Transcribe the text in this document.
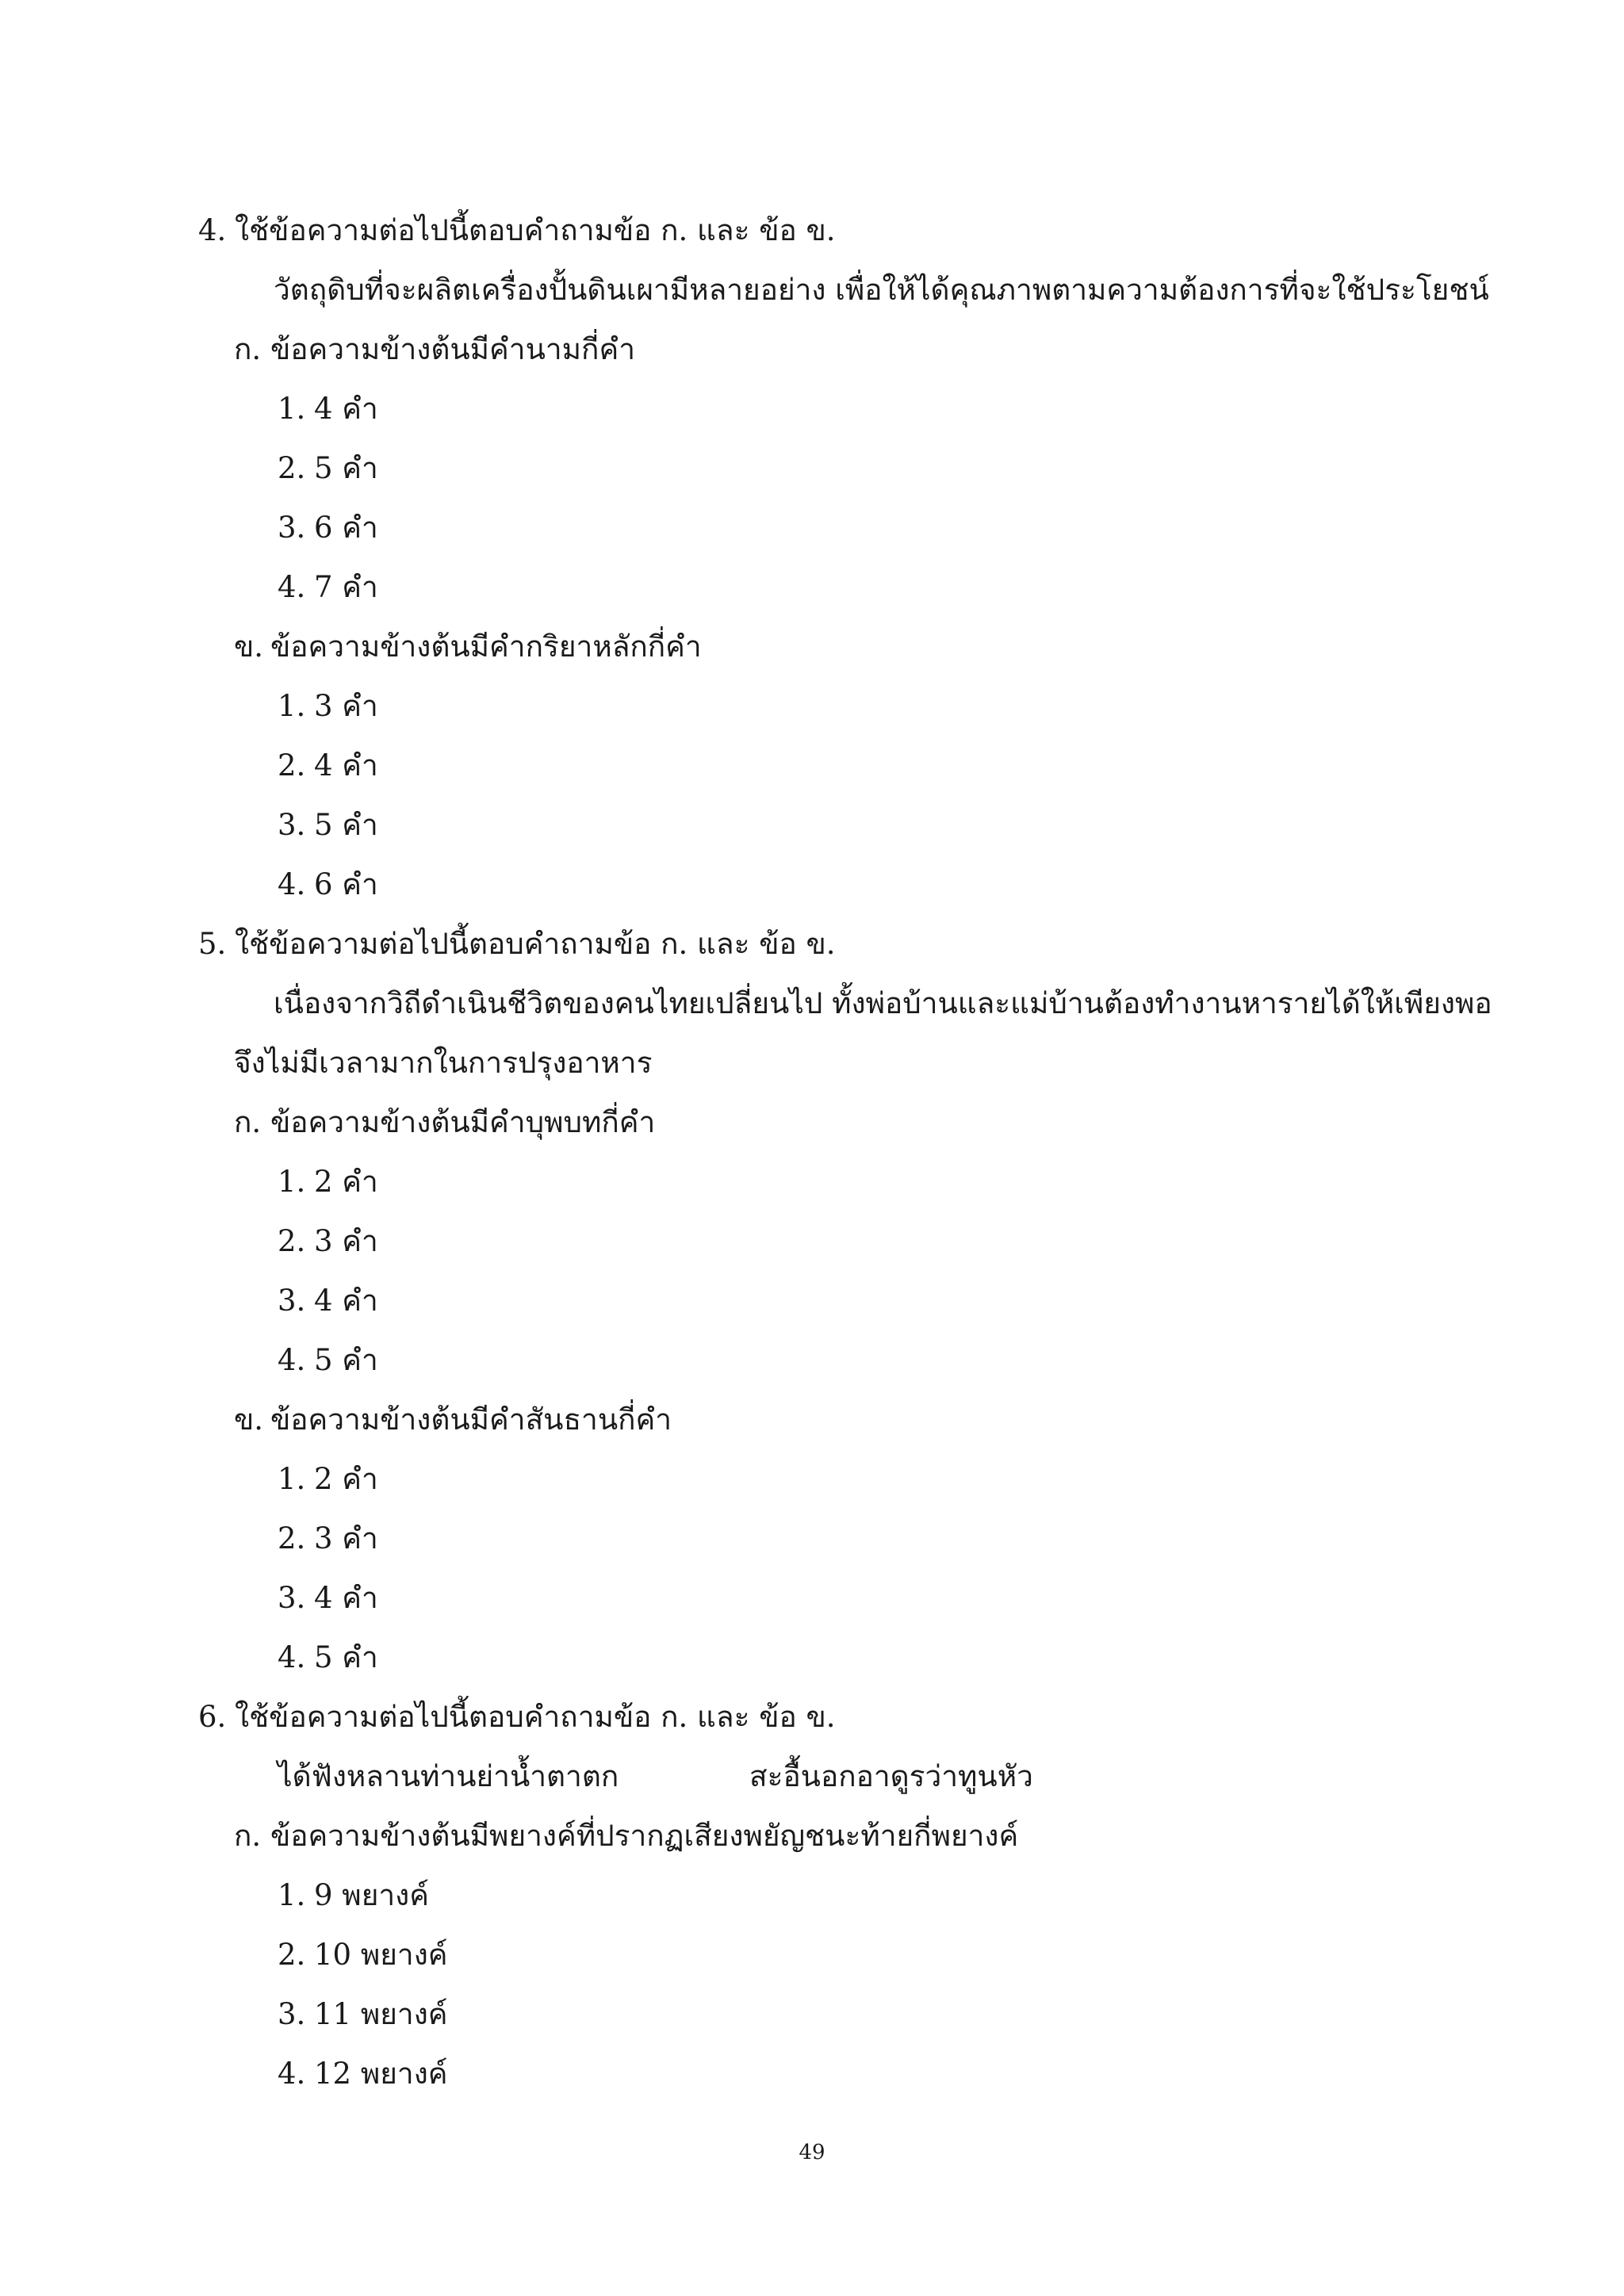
4. ใช้ข้อความต่อไปนี้ตอบคำถามข้อ ก. และ ข้อ ข.
วัตถุดิบที่จะผลิตเครื่องปั้นดินเผามีหลายอย่าง เพื่อให้ได้คุณภาพตามความต้องการที่จะใช้ประโยชน์
ก. ข้อความข้างต้นมีคำนามกี่คำ
1. 4 คำ
2. 5 คำ
3. 6 คำ
4. 7 คำ
ข. ข้อความข้างต้นมีคำกริยาหลักกี่คำ
1. 3 คำ
2. 4 คำ
3. 5 คำ
4. 6 คำ
5. ใช้ข้อความต่อไปนี้ตอบคำถามข้อ ก. และ ข้อ ข.
เนื่องจากวิถีดำเนินชีวิตของคนไทยเปลี่ยนไป ทั้งพ่อบ้านและแม่บ้านต้องทำงานหารายได้ให้เพียงพอ
จึงไม่มีเวลามากในการปรุงอาหาร
ก. ข้อความข้างต้นมีคำบุพบทกี่คำ
1. 2 คำ
2. 3 คำ
3. 4 คำ
4. 5 คำ
ข. ข้อความข้างต้นมีคำสันธานกี่คำ
1. 2 คำ
2. 3 คำ
3. 4 คำ
4. 5 คำ
6. ใช้ข้อความต่อไปนี้ตอบคำถามข้อ ก. และ ข้อ ข.
ได้ฟังหลานท่านย่าน้ำตาตก	สะอื้นอกอาดูรว่าทูนหัว
ก. ข้อความข้างต้นมีพยางค์ที่ปรากฏเสียงพยัญชนะท้ายกี่พยางค์
1. 9 พยางค์
2. 10 พยางค์
3. 11 พยางค์
4. 12 พยางค์
49
